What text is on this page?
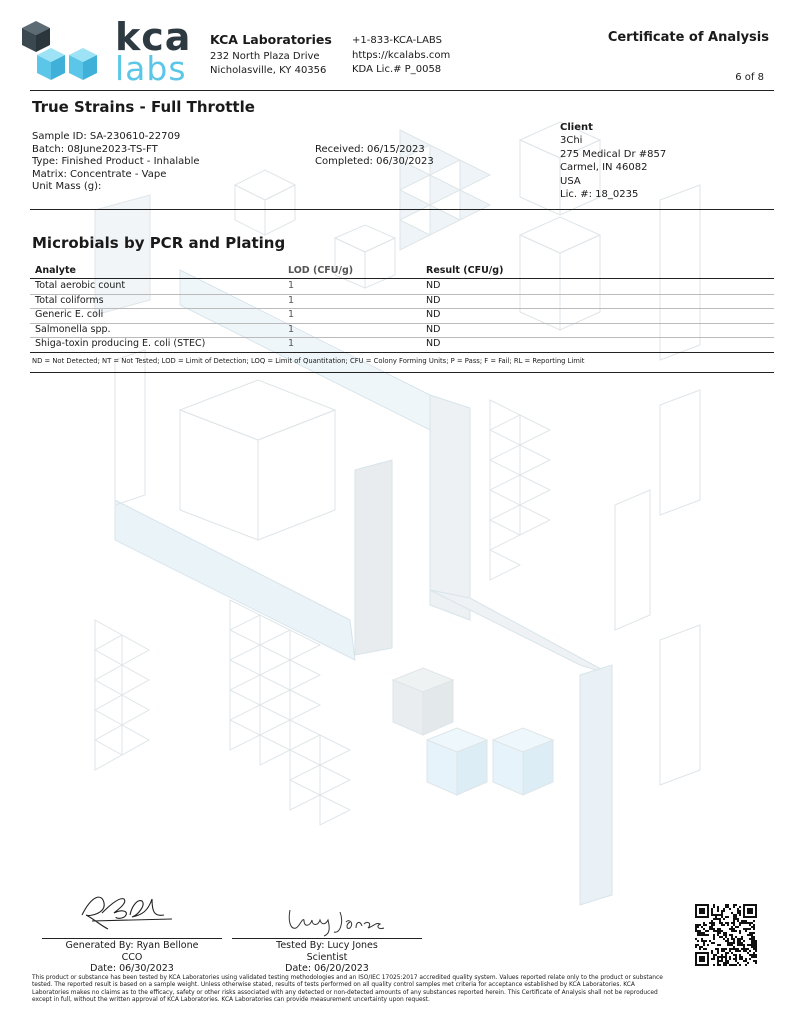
kca
labs
KCA Laboratories
232 North Plaza Drive
Nicholasville, KY 40356
+1-833-KCA-LABS
https://kcalabs.com
KDA Lic.# P_0058
Certificate of Analysis
6 of 8
True Strains - Full Throttle
Sample ID: SA-230610-22709
Batch: 08June2023-TS-FT
Type: Finished Product - Inhalable
Matrix: Concentrate - Vape
Unit Mass (g):
Received: 06/15/2023
Completed: 06/30/2023
Client
3Chi
275 Medical Dr #857
Carmel, IN 46082
USA
Lic. #: 18_0235
Microbials by PCR and Plating
Analyte	LOD (CFU/g)	Result (CFU/g)
Total aerobic count	1	ND
Total coliforms	1	ND
Generic E. coli	1	ND
Salmonella spp.	1	ND
Shiga-toxin producing E. coli (STEC)	1	ND
ND = Not Detected; NT = Not Tested; LOD = Limit of Detection; LOQ = Limit of Quantitation; CFU = Colony Forming Units; P = Pass; F = Fail; RL = Reporting Limit
Generated By: Ryan Bellone
CCO
Date: 06/30/2023
Tested By: Lucy Jones
Scientist
Date: 06/20/2023
This product or substance has been tested by KCA Laboratories using validated testing methodologies and an ISO/IEC 17025:2017 accredited quality system. Values reported relate only to the product or substance
tested. The reported result is based on a sample weight. Unless otherwise stated, results of tests performed on all quality control samples met criteria for acceptance established by KCA Laboratories. KCA
Laboratories makes no claims as to the efficacy, safety or other risks associated with any detected or non-detected amounts of any substances reported herein. This Certificate of Analysis shall not be reproduced
except in full, without the written approval of KCA Laboratories. KCA Laboratories can provide measurement uncertainty upon request.
